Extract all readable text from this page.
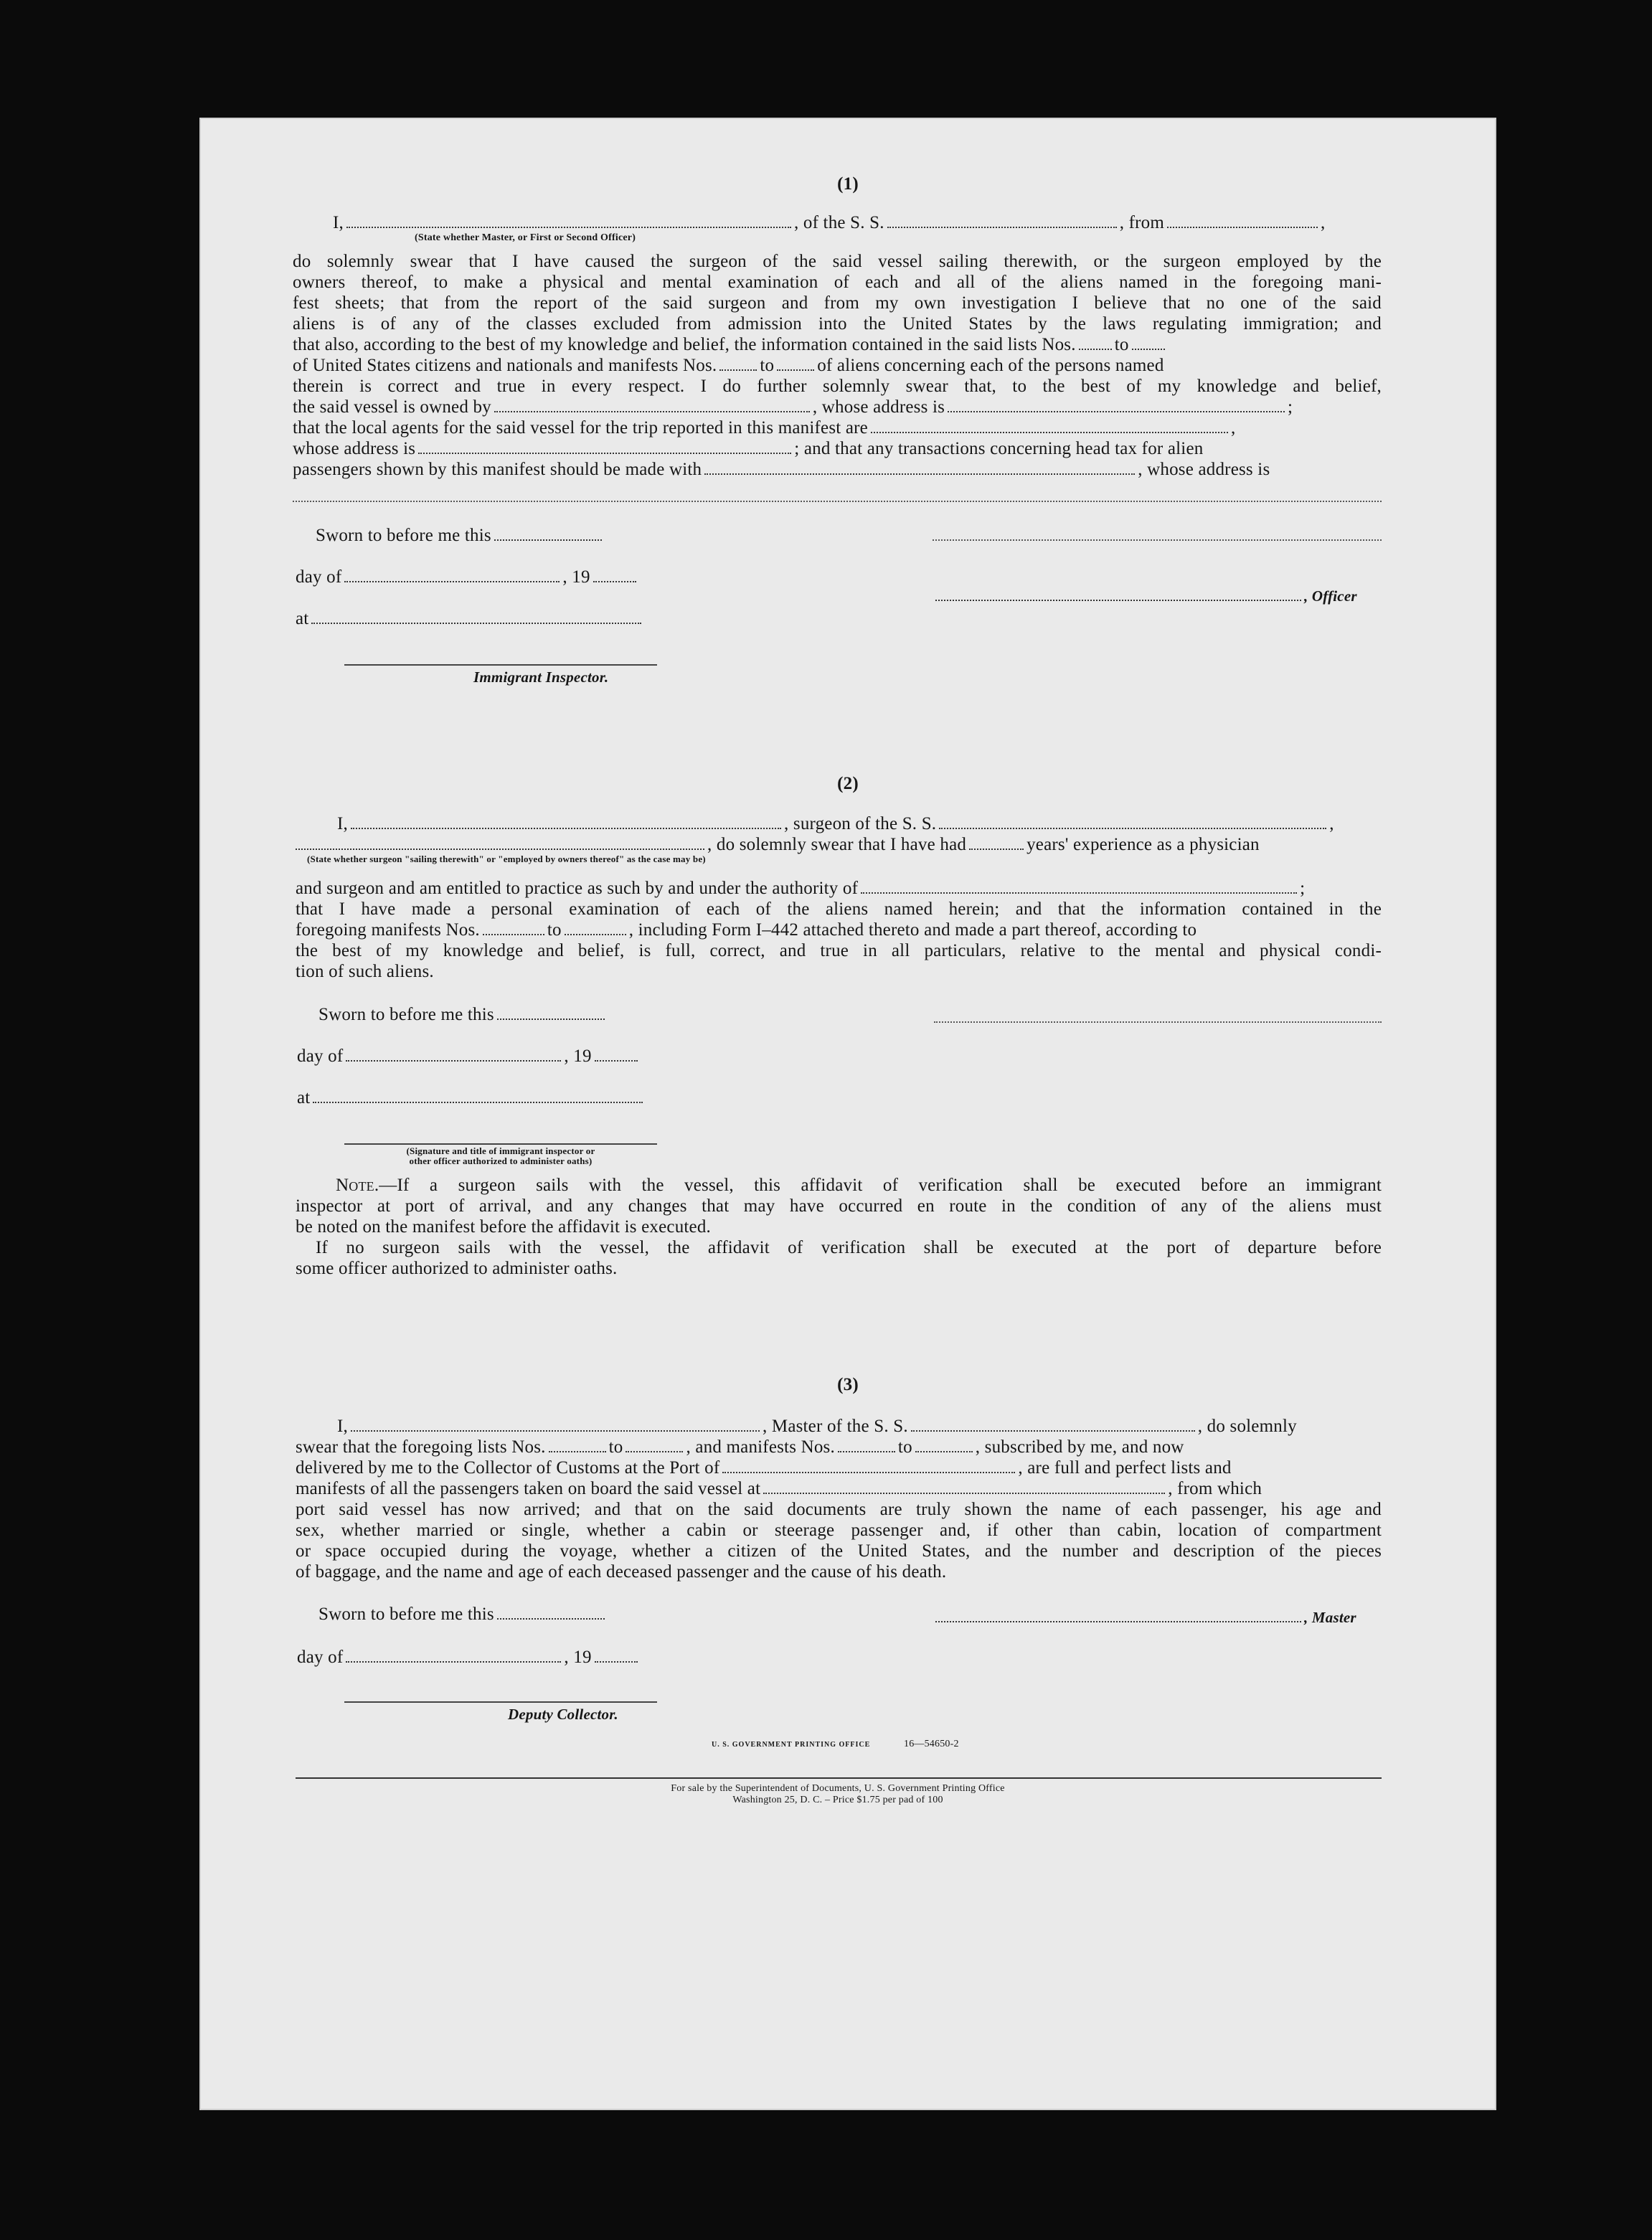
(1)
I,	, of the S. S.	, from	,
(State whether Master, or First or Second Officer)
do solemnly swear that I have caused the surgeon of the said vessel sailing therewith, or the surgeon employed by the
owners thereof, to make a physical and mental examination of each and all of the aliens named in the foregoing mani-
fest sheets; that from the report of the said surgeon and from my own investigation I believe that no one of the said
aliens is of any of the classes excluded from admission into the United States by the laws regulating immigration; and
that also, according to the best of my knowledge and belief, the information contained in the said lists Nos. to
of United States citizens and nationals and manifests Nos. to of aliens concerning each of the persons named
therein is correct and true in every respect. I do further solemnly swear that, to the best of my knowledge and belief,
the said vessel is owned by	, whose address is	;
that the local agents for the said vessel for the trip reported in this manifest are	,
whose address is	; and that any transactions concerning head tax for alien
passengers shown by this manifest should be made with	, whose address is
Sworn to before me this
day of	, 19
, Officer
at
Immigrant Inspector.
(2)
I,	, surgeon of the S. S.	,
, do solemnly swear that I have had	years' experience as a physician
(State whether surgeon "sailing therewith" or "employed by owners thereof" as the case may be)
and surgeon and am entitled to practice as such by and under the authority of	;
that I have made a personal examination of each of the aliens named herein; and that the information contained in the
foregoing manifests Nos.	to	, including Form I–442 attached thereto and made a part thereof, according to
the best of my knowledge and belief, is full, correct, and true in all particulars, relative to the mental and physical condi-
tion of such aliens.
Sworn to before me this
day of	, 19
at
(Signature and title of immigrant inspector or
other officer authorized to administer oaths)
Note.—If a surgeon sails with the vessel, this affidavit of verification shall be executed before an immigrant
inspector at port of arrival, and any changes that may have occurred en route in the condition of any of the aliens must
be noted on the manifest before the affidavit is executed.
If no surgeon sails with the vessel, the affidavit of verification shall be executed at the port of departure before
some officer authorized to administer oaths.
(3)
I,	, Master of the S. S.	, do solemnly
swear that the foregoing lists Nos.	to	, and manifests Nos.	to	, subscribed by me, and now
delivered by me to the Collector of Customs at the Port of	, are full and perfect lists and
manifests of all the passengers taken on board the said vessel at	, from which
port said vessel has now arrived; and that on the said documents are truly shown the name of each passenger, his age and
sex, whether married or single, whether a cabin or steerage passenger and, if other than cabin, location of compartment
or space occupied during the voyage, whether a citizen of the United States, and the number and description of the pieces
of baggage, and the name and age of each deceased passenger and the cause of his death.
Sworn to before me this	, Master
day of	, 19
Deputy Collector.
U. S. GOVERNMENT PRINTING OFFICE	16—54650-2
For sale by the Superintendent of Documents, U. S. Government Printing Office
Washington 25, D. C. – Price $1.75 per pad of 100
